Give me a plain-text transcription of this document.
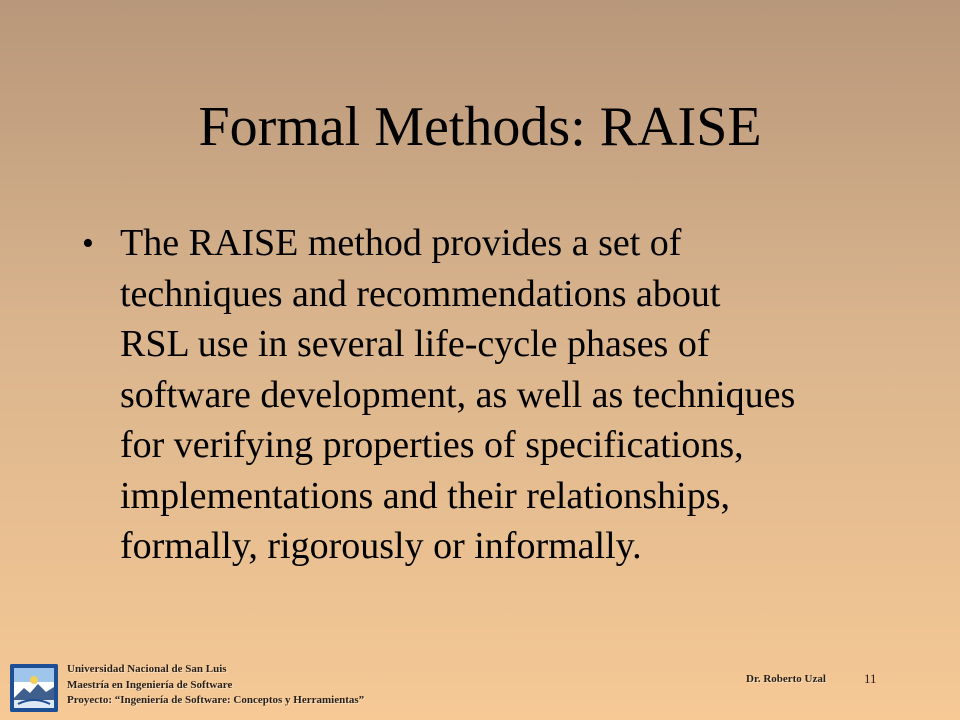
Formal Methods: RAISE
• The RAISE method provides a set of
techniques and recommendations about
RSL use in several life-cycle phases of
software development, as well as techniques
for verifying properties of specifications,
implementations and their relationships,
formally, rigorously or informally.
Universidad Nacional de San Luis
Maestría en Ingeniería de Software
Proyecto: “Ingeniería de Software: Conceptos y Herramientas”
Dr. Roberto Uzal	11
